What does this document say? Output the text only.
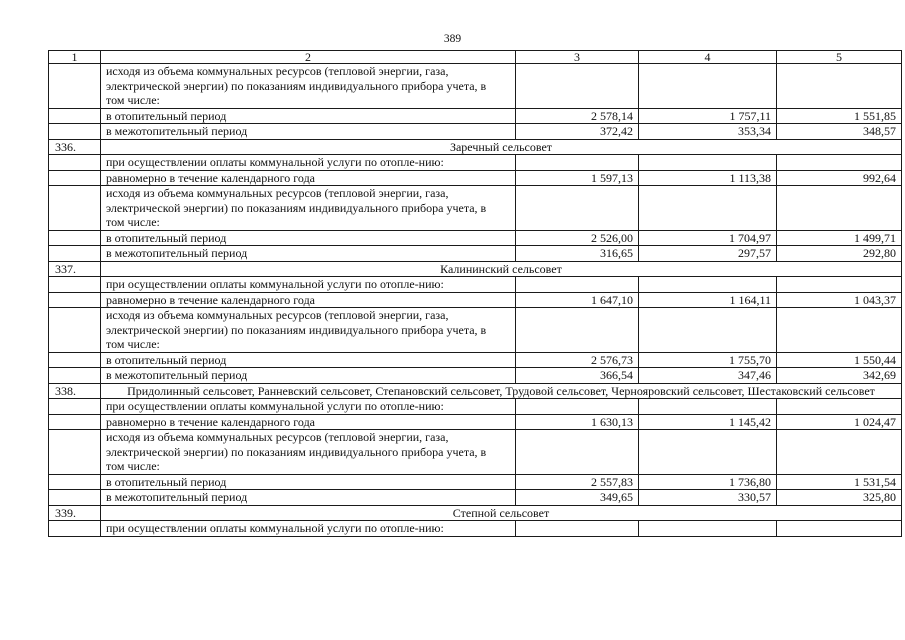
389
1	2	3	4	5
	исходя из объема коммунальных ресурсов (тепловой энергии, газа, электрической энергии) по показаниям индивидуального прибора учета, в том числе:			
	в отопительный период	2 578,14	1 757,11	1 551,85
	в межотопительный период	372,42	353,34	348,57
336.	Заречный сельсовет			
	при осуществлении оплаты коммунальной услуги по отопле-нию:			
	равномерно в течение календарного года	1 597,13	1 113,38	992,64
	исходя из объема коммунальных ресурсов (тепловой энергии, газа, электрической энергии) по показаниям индивидуального прибора учета, в том числе:			
	в отопительный период	2 526,00	1 704,97	1 499,71
	в межотопительный период	316,65	297,57	292,80
337.	Калининский сельсовет			
	при осуществлении оплаты коммунальной услуги по отопле-нию:			
	равномерно в течение календарного года	1 647,10	1 164,11	1 043,37
	исходя из объема коммунальных ресурсов (тепловой энергии, газа, электрической энергии) по показаниям индивидуального прибора учета, в том числе:			
	в отопительный период	2 576,73	1 755,70	1 550,44
	в межотопительный период	366,54	347,46	342,69
338.	Придолинный сельсовет, Ранневский сельсовет, Степановский сельсовет, Трудовой сельсовет, Чернояровский сельсовет, Шестаковский сельсовет			
	при осуществлении оплаты коммунальной услуги по отопле-нию:			
	равномерно в течение календарного года	1 630,13	1 145,42	1 024,47
	исходя из объема коммунальных ресурсов (тепловой энергии, газа, электрической энергии) по показаниям индивидуального прибора учета, в том числе:			
	в отопительный период	2 557,83	1 736,80	1 531,54
	в межотопительный период	349,65	330,57	325,80
339.	Степной сельсовет			
	при осуществлении оплаты коммунальной услуги по отопле-нию:			
